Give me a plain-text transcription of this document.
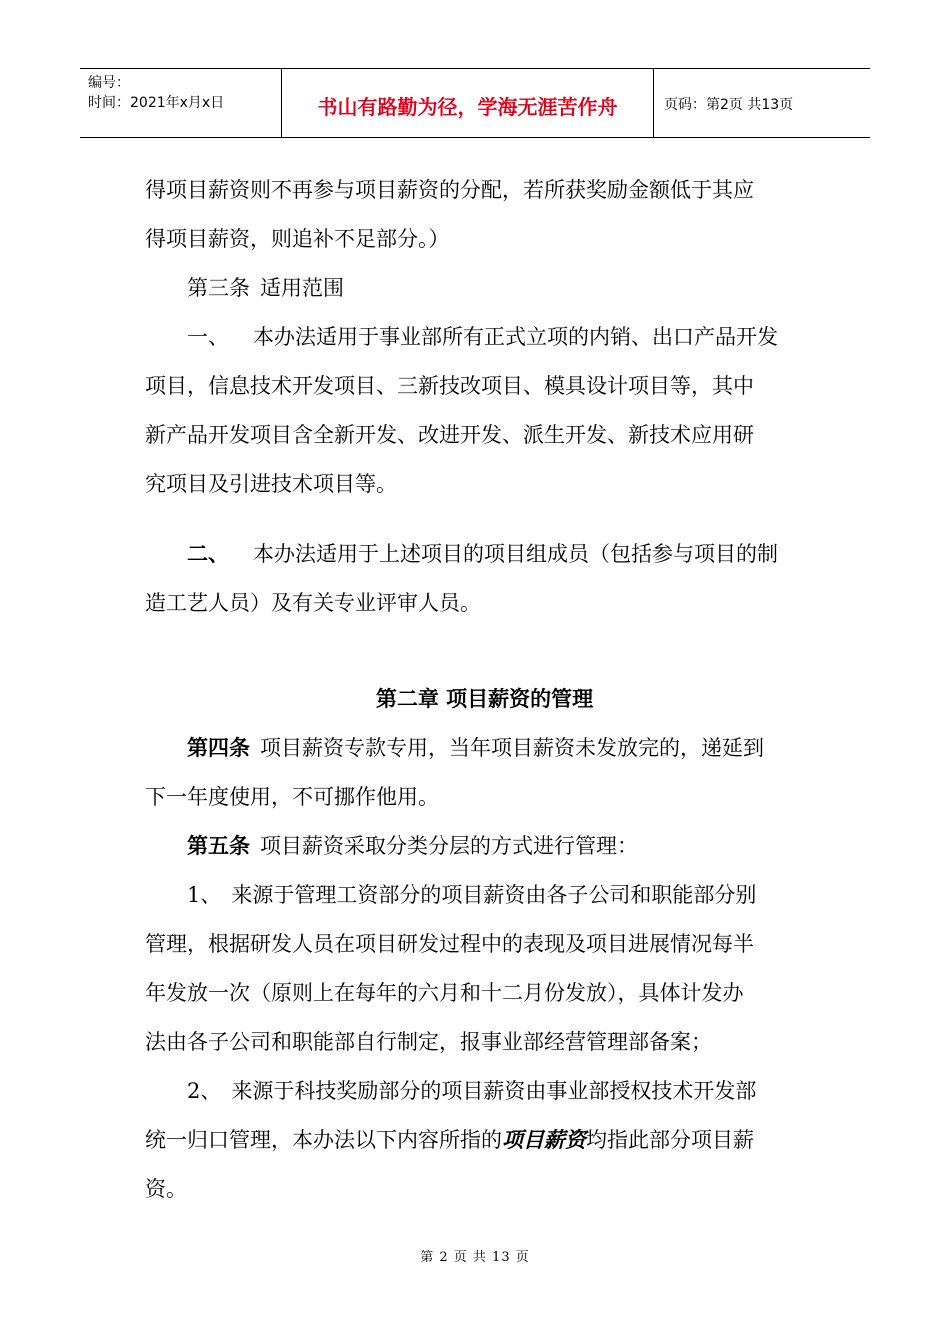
编号：
时间：2021年x月x日	书山有路勤为径，学海无涯苦作舟	页码：第2页 共13页
得项目薪资则不再参与项目薪资的分配，若所获奖励金额低于其应
得项目薪资，则追补不足部分。）
第三条 适用范围
一、 本办法适用于事业部所有正式立项的内销、出口产品开发
项目，信息技术开发项目、三新技改项目、模具设计项目等，其中
新产品开发项目含全新开发、改进开发、派生开发、新技术应用研
究项目及引进技术项目等。
二、 本办法适用于上述项目的项目组成员（包括参与项目的制
造工艺人员）及有关专业评审人员。
第二章 项目薪资的管理
第四条 项目薪资专款专用，当年项目薪资未发放完的，递延到
下一年度使用，不可挪作他用。
第五条 项目薪资采取分类分层的方式进行管理：
1、 来源于管理工资部分的项目薪资由各子公司和职能部分别
管理，根据研发人员在项目研发过程中的表现及项目进展情况每半
年发放一次（原则上在每年的六月和十二月份发放），具体计发办
法由各子公司和职能部自行制定，报事业部经营管理部备案；
2、 来源于科技奖励部分的项目薪资由事业部授权技术开发部
统一归口管理，本办法以下内容所指的项目薪资均指此部分项目薪
资。
第 2 页 共 13 页
